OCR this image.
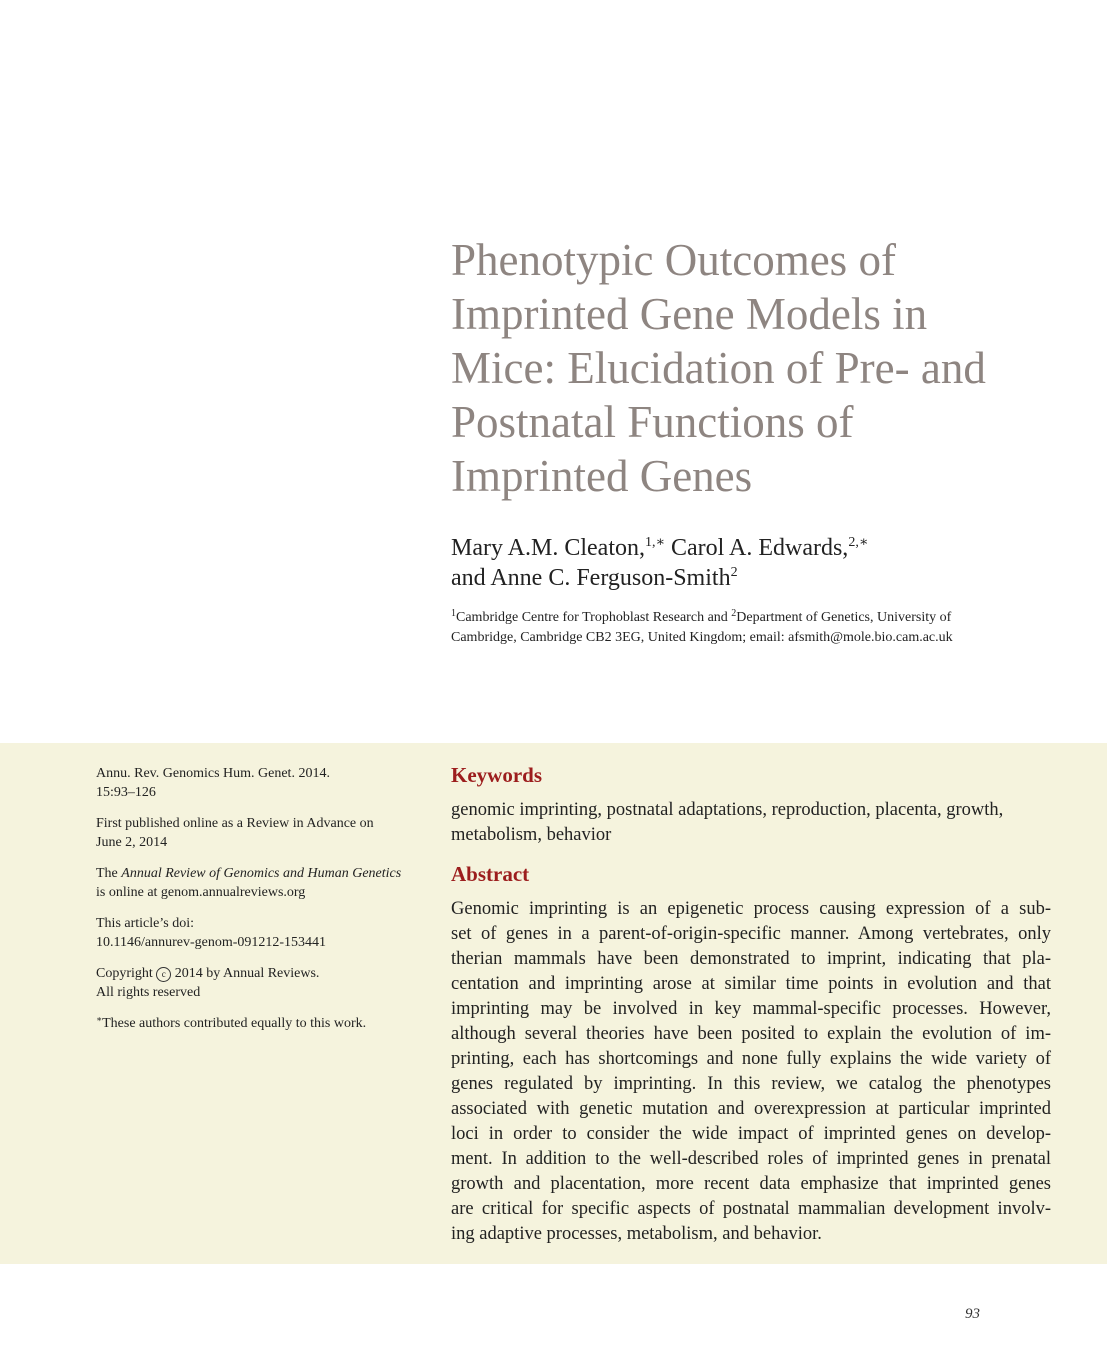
Phenotypic Outcomes of
Imprinted Gene Models in
Mice: Elucidation of Pre- and
Postnatal Functions of
Imprinted Genes
Mary A.M. Cleaton,$^{1,∗}$ Carol A. Edwards,$^{2,∗}$
and Anne C. Ferguson-Smith$^2$
$^1$Cambridge Centre for Trophoblast Research and $^2$Department of Genetics, University of
Cambridge, Cambridge CB2 3EG, United Kingdom; email: afsmith@mole.bio.cam.ac.uk

Annu. Rev. Genomics Hum. Genet. 2014.
15:93–126

First published online as a Review in Advance on
June 2, 2014

The Annual Review of Genomics and Human Genetics
is online at genom.annualreviews.org

This article’s doi:
10.1146/annurev-genom-091212-153441

Copyright c 2014 by Annual Reviews.
All rights reserved

∗These authors contributed equally to this work.

Keywords
genomic imprinting, postnatal adaptations, reproduction, placenta, growth,
metabolism, behavior
Abstract
Genomic imprinting is an epigenetic process causing expression of a sub-
set of genes in a parent-of-origin-specific manner. Among vertebrates, only
therian mammals have been demonstrated to imprint, indicating that pla-
centation and imprinting arose at similar time points in evolution and that
imprinting may be involved in key mammal-specific processes. However,
although several theories have been posited to explain the evolution of im-
printing, each has shortcomings and none fully explains the wide variety of
genes regulated by imprinting. In this review, we catalog the phenotypes
associated with genetic mutation and overexpression at particular imprinted
loci in order to consider the wide impact of imprinted genes on develop-
ment. In addition to the well-described roles of imprinted genes in prenatal
growth and placentation, more recent data emphasize that imprinted genes
are critical for specific aspects of postnatal mammalian development involv-
ing adaptive processes, metabolism, and behavior.
93
